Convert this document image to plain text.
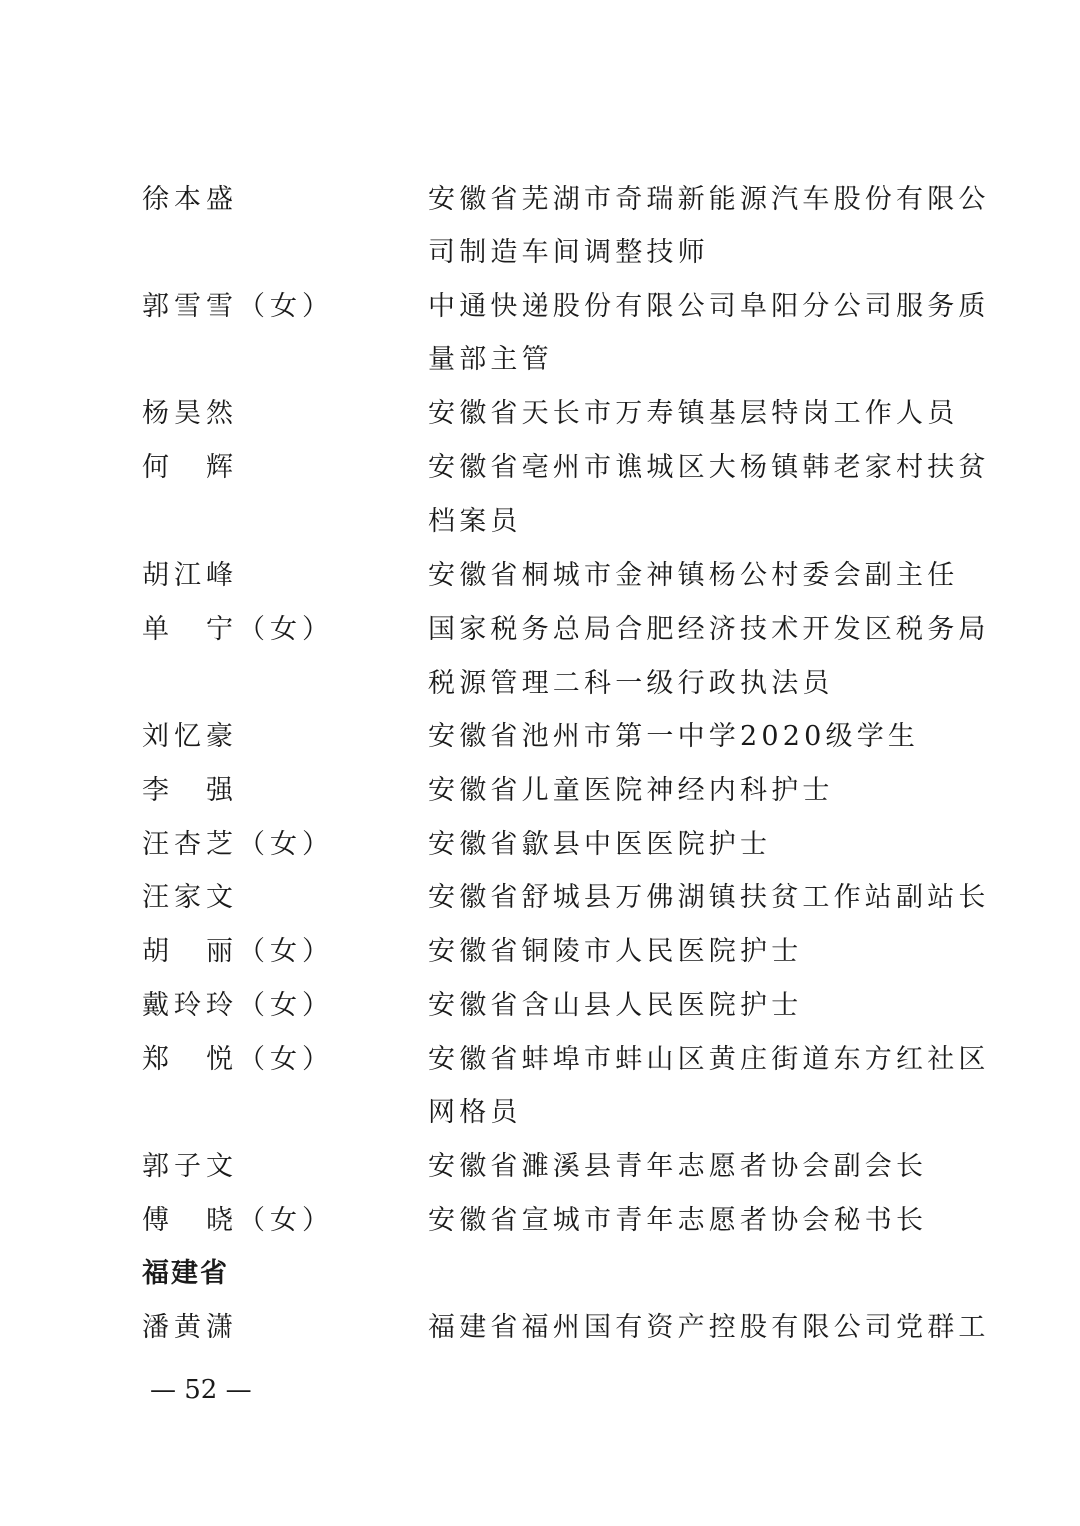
徐本盛	安徽省芜湖市奇瑞新能源汽车股份有限公
司制造车间调整技师
郭雪雪（女）	中通快递股份有限公司阜阳分公司服务质
量部主管
杨昊然	安徽省天长市万寿镇基层特岗工作人员
何　辉	安徽省亳州市谯城区大杨镇韩老家村扶贫
档案员
胡江峰	安徽省桐城市金神镇杨公村委会副主任
单　宁（女）	国家税务总局合肥经济技术开发区税务局
税源管理二科一级行政执法员
刘忆豪	安徽省池州市第一中学2020级学生
李　强	安徽省儿童医院神经内科护士
汪杏芝（女）	安徽省歙县中医医院护士
汪家文	安徽省舒城县万佛湖镇扶贫工作站副站长
胡　丽（女）	安徽省铜陵市人民医院护士
戴玲玲（女）	安徽省含山县人民医院护士
郑　悦（女）	安徽省蚌埠市蚌山区黄庄街道东方红社区
网格员
郭子文	安徽省濉溪县青年志愿者协会副会长
傅　晓（女）	安徽省宣城市青年志愿者协会秘书长
福建省
潘黄潇	福建省福州国有资产控股有限公司党群工
— 52 —
